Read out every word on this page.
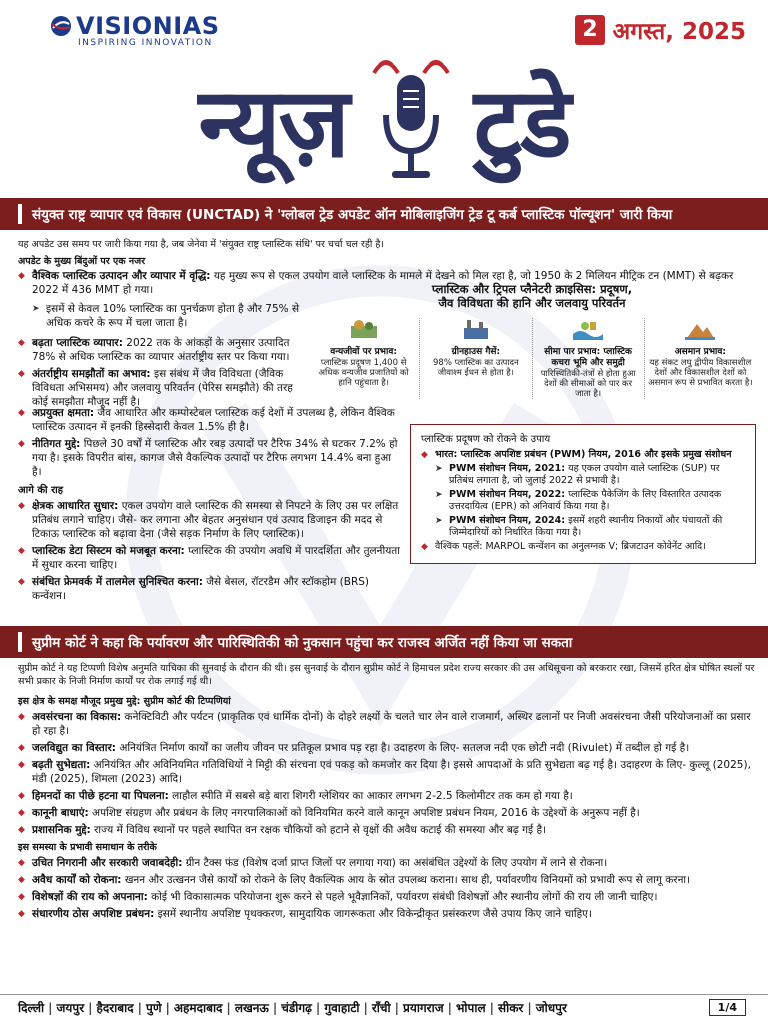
VISIONIAS
INSPIRING INNOVATION
2 अगस्त, 2025
न्यूज़ टुडे
संयुक्त राष्ट्र व्यापार एवं विकास (UNCTAD) ने 'ग्लोबल ट्रेड अपडेट ऑन मोबिलाइजिंग ट्रेड टू कर्ब प्लास्टिक पॉल्यूशन' जारी किया
यह अपडेट उस समय पर जारी किया गया है, जब जेनेवा में 'संयुक्त राष्ट्र प्लास्टिक संधि' पर चर्चा चल रही है।
अपडेट के मुख्य बिंदुओं पर एक नजर
◆ वैश्विक प्लास्टिक उत्पादन और व्यापार में वृद्धि: यह मुख्य रूप से एकल उपयोग वाले प्लास्टिक के मामले में देखने को मिल रहा है, जो 1950 के 2 मिलियन मीट्रिक टन (MMT) से बढ़कर 2022 में 436 MMT हो गया।
➤ इसमें से केवल 10% प्लास्टिक का पुनर्चक्रण होता है और 75% से अधिक कचरे के रूप में चला जाता है।
◆ बढ़ता प्लास्टिक व्यापार: 2022 तक के आंकड़ों के अनुसार उत्पादित 78% से अधिक प्लास्टिक का व्यापार अंतर्राष्ट्रीय स्तर पर किया गया।
◆ अंतर्राष्ट्रीय समझौतों का अभाव: इस संबंध में जैव विविधता (जैविक विविधता अभिसमय) और जलवायु परिवर्तन (पेरिस समझौते) की तरह कोई समझौता मौजूद नहीं है।
प्लास्टिक और ट्रिपल प्लैनेटरी क्राइसिस: प्रदूषण,
जैव विविधता की हानि और जलवायु परिवर्तन
वन्यजीवों पर प्रभाव:
प्लास्टिक प्रदूषण 1,400 से अधिक वन्यजीव प्रजातियों को हानि पहुंचाता है।
ग्रीनहाउस गैसें:
98% प्लास्टिक का उत्पादन जीवाश्म ईंधन से होता है।
सीमा पार प्रभाव: प्लास्टिक कचरा भूमि और समुद्री
पारिस्थितिकी-तंत्रों से होता हुआ देशों की सीमाओं को पार कर जाता है।
असमान प्रभाव:
यह संकट लघु द्वीपीय विकासशील देशों और विकासशील देशों को असमान रूप से प्रभावित करता है।
◆ अप्रयुक्त क्षमता: जैव आधारित और कम्पोस्टेबल प्लास्टिक कई देशों में उपलब्ध है, लेकिन वैश्विक प्लास्टिक उत्पादन में इनकी हिस्सेदारी केवल 1.5% ही है।
◆ नीतिगत मुद्दे: पिछले 30 वर्षों में प्लास्टिक और रबड़ उत्पादों पर टैरिफ 34% से घटकर 7.2% हो गया है। इसके विपरीत बांस, कागज जैसे वैकल्पिक उत्पादों पर टैरिफ लगभग 14.4% बना हुआ है।
आगे की राह
◆ क्षेत्रक आधारित सुधार: एकल उपयोग वाले प्लास्टिक की समस्या से निपटने के लिए उस पर लक्षित प्रतिबंध लगाने चाहिए। जैसे- कर लगाना और बेहतर अनुसंधान एवं उत्पाद डिजाइन की मदद से टिकाऊ प्लास्टिक को बढ़ावा देना (जैसे सड़क निर्माण के लिए प्लास्टिक)।
◆ प्लास्टिक डेटा सिस्टम को मजबूत करना: प्लास्टिक की उपयोग अवधि में पारदर्शिता और तुलनीयता में सुधार करना चाहिए।
◆ संबंधित फ्रेमवर्क में तालमेल सुनिश्चित करना: जैसे बेसल, रॉटरडैम और स्टॉकहोम (BRS) कन्वेंशन।
प्लास्टिक प्रदूषण को रोकने के उपाय
◆ भारत: प्लास्टिक अपशिष्ट प्रबंधन (PWM) नियम, 2016 और इसके प्रमुख संशोधन
➤ PWM संशोधन नियम, 2021: यह एकल उपयोग वाले प्लास्टिक (SUP) पर प्रतिबंध लगाता है, जो जुलाई 2022 से प्रभावी है।
➤ PWM संशोधन नियम, 2022: प्लास्टिक पैकेजिंग के लिए विस्तारित उत्पादक उत्तरदायित्व (EPR) को अनिवार्य किया गया है।
➤ PWM संशोधन नियम, 2024: इसमें शहरी स्थानीय निकायों और पंचायतों की जिम्मेदारियों को निर्धारित किया गया है।
◆ वैश्विक पहलें: MARPOL कन्वेंशन का अनुलग्नक V; ब्रिजटाउन कोवेनेंट आदि।
सुप्रीम कोर्ट ने कहा कि पर्यावरण और पारिस्थितिकी को नुकसान पहुंचा कर राजस्व अर्जित नहीं किया जा सकता
सुप्रीम कोर्ट ने यह टिप्पणी विशेष अनुमति याचिका की सुनवाई के दौरान की थी। इस सुनवाई के दौरान सुप्रीम कोर्ट ने हिमाचल प्रदेश राज्य सरकार की उस अधिसूचना को बरकरार रखा, जिसमें हरित क्षेत्र घोषित स्थलों पर सभी प्रकार के निजी निर्माण कार्यों पर रोक लगाई गई थी।
इस क्षेत्र के समक्ष मौजूद प्रमुख मुद्दे: सुप्रीम कोर्ट की टिप्पणियां
◆ अवसंरचना का विकास: कनेक्टिविटी और पर्यटन (प्राकृतिक एवं धार्मिक दोनों) के दोहरे लक्ष्यों के चलते चार लेन वाले राजमार्ग, अस्थिर ढलानों पर निजी अवसंरचना जैसी परियोजनाओं का प्रसार हो रहा है।
◆ जलविद्युत का विस्तार: अनियंत्रित निर्माण कार्यों का जलीय जीवन पर प्रतिकूल प्रभाव पड़ रहा है। उदाहरण के लिए- सतलज नदी एक छोटी नदी (Rivulet) में तब्दील हो गई है।
◆ बढ़ती सुभेद्यता: अनियंत्रित और अविनियमित गतिविधियों ने मिट्टी की संरचना एवं पकड़ को कमजोर कर दिया है। इससे आपदाओं के प्रति सुभेद्यता बढ़ गई है। उदाहरण के लिए- कुल्लू (2025), मंडी (2025), शिमला (2023) आदि।
◆ हिमनदों का पीछे हटना या पिघलना: लाहौल स्पीति में सबसे बड़े बारा शिगरी ग्लेशियर का आकार लगभग 2-2.5 किलोमीटर तक कम हो गया है।
◆ कानूनी बाधाएं: अपशिष्ट संग्रहण और प्रबंधन के लिए नगरपालिकाओं को विनियमित करने वाले कानून अपशिष्ट प्रबंधन नियम, 2016 के उद्देश्यों के अनुरूप नहीं है।
◆ प्रशासनिक मुद्दे: राज्य में विविध स्थानों पर पहले स्थापित वन रक्षक चौकियों को हटाने से वृक्षों की अवैध कटाई की समस्या और बढ़ गई है।
इस समस्या के प्रभावी समाधान के तरीके
◆ उचित निगरानी और सरकारी जवाबदेही: ग्रीन टैक्स फंड (विशेष दर्जा प्राप्त जिलों पर लगाया गया) का असंबंधित उद्देश्यों के लिए उपयोग में लाने से रोकना।
◆ अवैध कार्यों को रोकना: खनन और उत्खनन जैसे कार्यों को रोकने के लिए वैकल्पिक आय के स्रोत उपलब्ध कराना। साथ ही, पर्यावरणीय विनियमों को प्रभावी रूप से लागू करना।
◆ विशेषज्ञों की राय को अपनाना: कोई भी विकासात्मक परियोजना शुरू करने से पहले भूवैज्ञानिकों, पर्यावरण संबंधी विशेषज्ञों और स्थानीय लोगों की राय ली जानी चाहिए।
◆ संधारणीय ठोस अपशिष्ट प्रबंधन: इसमें स्थानीय अपशिष्ट पृथक्करण, सामुदायिक जागरूकता और विकेन्द्रीकृत प्रसंस्करण जैसे उपाय किए जाने चाहिए।
दिल्ली | जयपुर | हैदराबाद | पुणे | अहमदाबाद | लखनऊ | चंडीगढ़ | गुवाहाटी | राँची | प्रयागराज | भोपाल | सीकर | जोधपुर	1/4
